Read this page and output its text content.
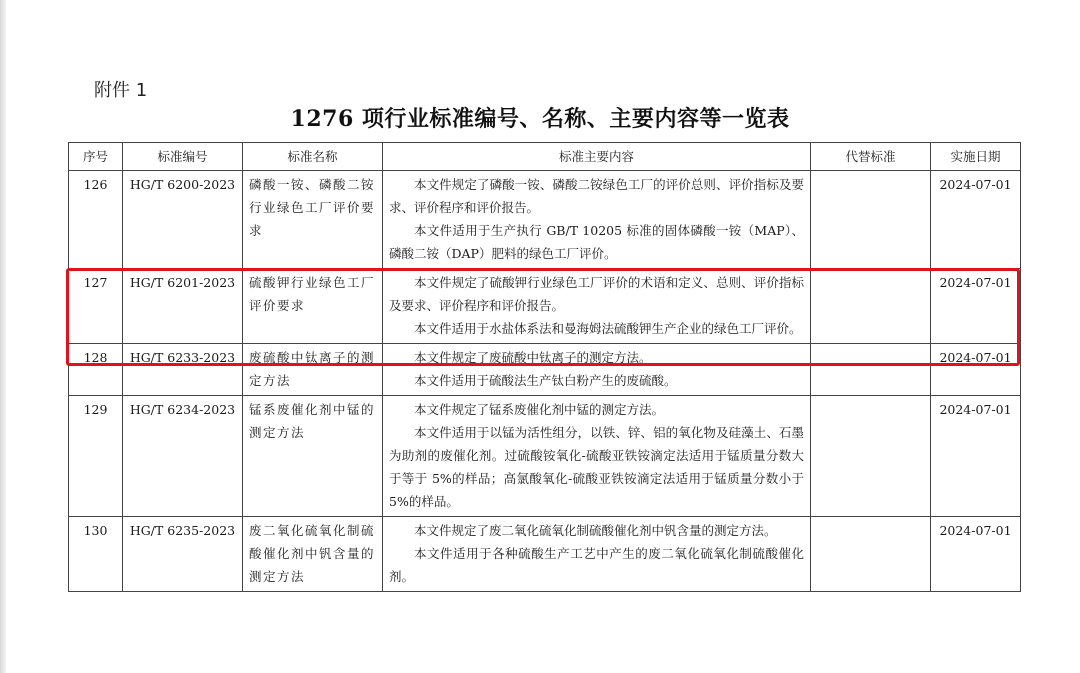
附件 1
1276 项行业标准编号、名称、主要内容等一览表
序号	标准编号	标准名称	标准主要内容	代替标准	实施日期
126	HG/T 6200-2023	磷酸一铵、磷酸二铵行业绿色工厂评价要求	本文件规定了磷酸一铵、磷酸二铵绿色工厂的评价总则、评价指标及要求、评价程序和评价报告。

本文件适用于生产执行 GB/T 10205 标准的固体磷酸一铵（MAP）、磷酸二铵（DAP）肥料的绿色工厂评价。		2024-07-01
127	HG/T 6201-2023	硫酸钾行业绿色工厂评价要求	本文件规定了硫酸钾行业绿色工厂评价的术语和定义、总则、评价指标及要求、评价程序和评价报告。

本文件适用于水盐体系法和曼海姆法硫酸钾生产企业的绿色工厂评价。		2024-07-01
128	HG/T 6233-2023	废硫酸中钛离子的测定方法	本文件规定了废硫酸中钛离子的测定方法。

本文件适用于硫酸法生产钛白粉产生的废硫酸。		2024-07-01
129	HG/T 6234-2023	锰系废催化剂中锰的测定方法	本文件规定了锰系废催化剂中锰的测定方法。

本文件适用于以锰为活性组分，以铁、锌、铝的氧化物及硅藻土、石墨为助剂的废催化剂。过硫酸铵氧化-硫酸亚铁铵滴定法适用于锰质量分数大于等于 5%的样品；高氯酸氧化-硫酸亚铁铵滴定法适用于锰质量分数小于 5%的样品。		2024-07-01
130	HG/T 6235-2023	废二氧化硫氧化制硫酸催化剂中钒含量的测定方法	本文件规定了废二氧化硫氧化制硫酸催化剂中钒含量的测定方法。

本文件适用于各种硫酸生产工艺中产生的废二氧化硫氧化制硫酸催化剂。		2024-07-01
